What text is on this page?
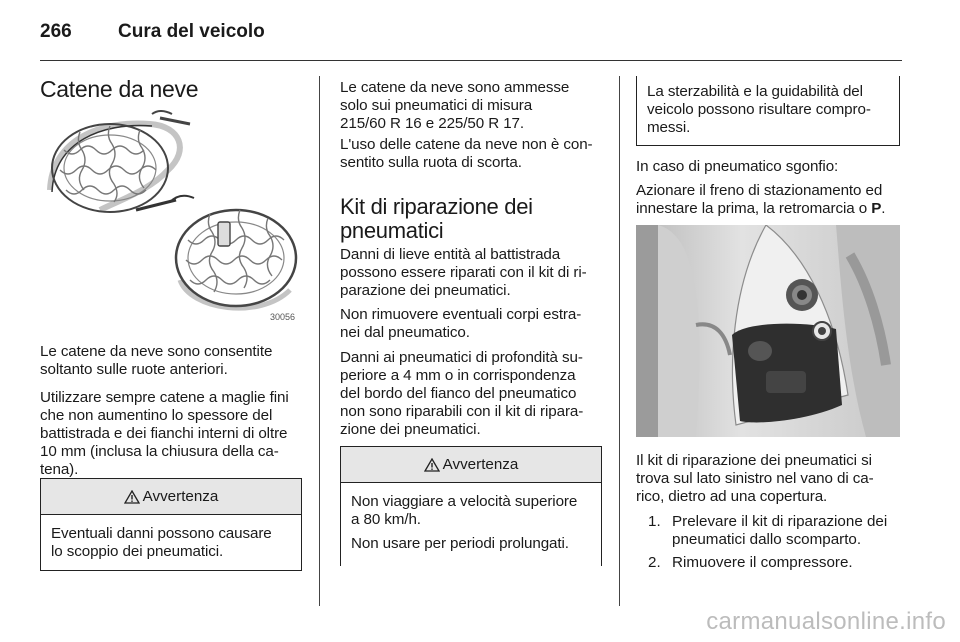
266 Cura del veicolo
Catene da neve
30056
Le catene da neve sono consentite
soltanto sulle ruote anteriori.
Utilizzare sempre catene a maglie fini
che non aumentino lo spessore del
battistrada e dei fianchi interni di oltre
10 mm (inclusa la chiusura della ca-
tena).
Avvertenza
Eventuali danni possono causare
lo scoppio dei pneumatici.
Le catene da neve sono ammesse
solo sui pneumatici di misura
215/60 R 16 e 225/50 R 17.
L'uso delle catene da neve non è con-
sentito sulla ruota di scorta.
Kit di riparazione dei
pneumatici
Danni di lieve entità al battistrada
possono essere riparati con il kit di ri-
parazione dei pneumatici.
Non rimuovere eventuali corpi estra-
nei dal pneumatico.
Danni ai pneumatici di profondità su-
periore a 4 mm o in corrispondenza
del bordo del fianco del pneumatico
non sono riparabili con il kit di ripara-
zione dei pneumatici.
Avvertenza
Non viaggiare a velocità superiore
a 80 km/h.
Non usare per periodi prolungati.
La sterzabilità e la guidabilità del
veicolo possono risultare compro-
messi.
In caso di pneumatico sgonfio:
Azionare il freno di stazionamento ed
innestare la prima, la retromarcia o P.
Il kit di riparazione dei pneumatici si
trova sul lato sinistro nel vano di ca-
rico, dietro ad una copertura.
1. Prelevare il kit di riparazione dei
pneumatici dallo scomparto.
2. Rimuovere il compressore.
carmanualsonline.info
